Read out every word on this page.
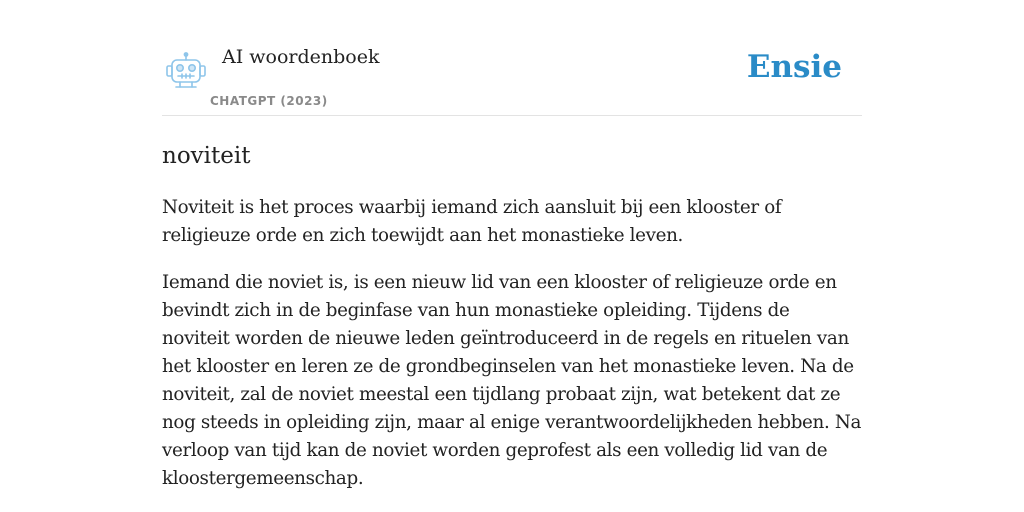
AI woordenboek
CHATGPT (2023)
Ensie
noviteit

Noviteit is het proces waarbij iemand zich aansluit bij een klooster of religieuze orde en zich toewijdt aan het monastieke leven.

Iemand die noviet is, is een nieuw lid van een klooster of religieuze orde en bevindt zich in de beginfase van hun monastieke opleiding. Tijdens de noviteit worden de nieuwe leden geïntroduceerd in de regels en rituelen van het klooster en leren ze de grondbeginselen van het monastieke leven. Na de noviteit, zal de noviet meestal een tijdlang probaat zijn, wat betekent dat ze nog steeds in opleiding zijn, maar al enige verantwoordelijkheden hebben. Na verloop van tijd kan de noviet worden geprofest als een volledig lid van de kloostergemeenschap.
